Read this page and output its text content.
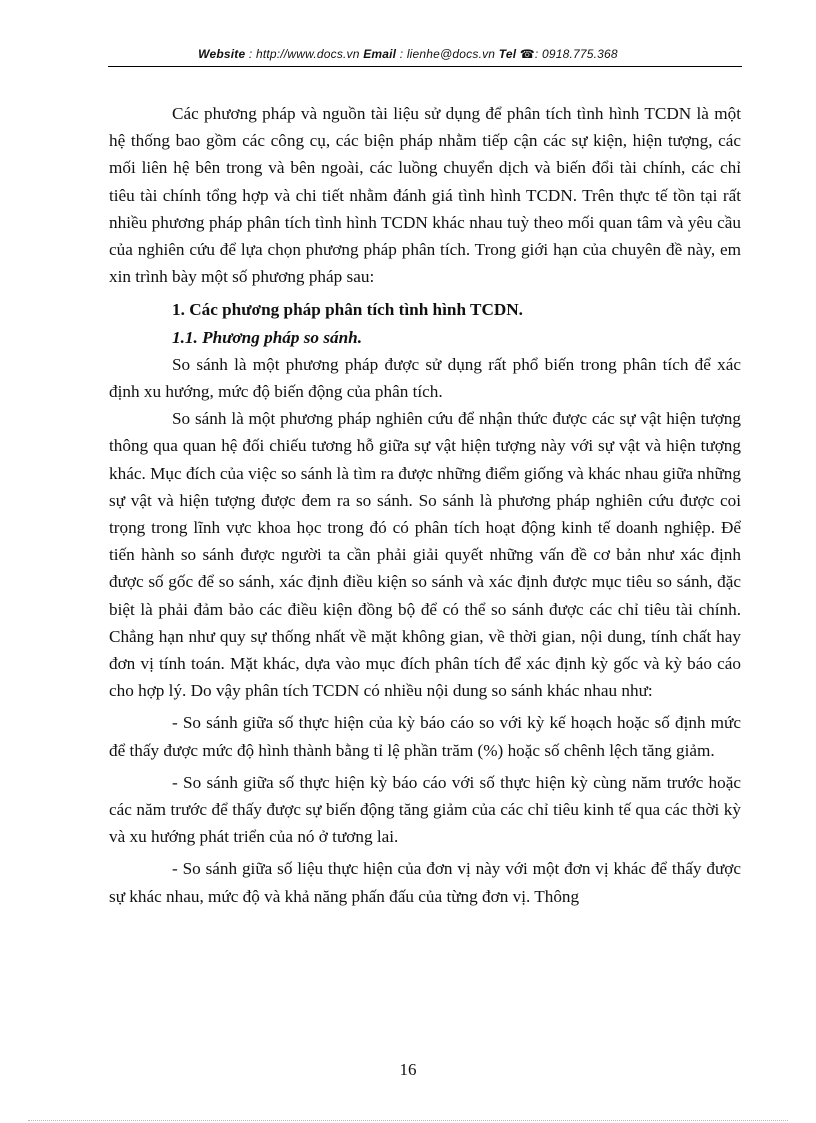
Website : http://www.docs.vn Email : lienhe@docs.vn Tel ☎: 0918.775.368

Các phương pháp và nguồn tài liệu sử dụng để phân tích tình hình TCDN là một hệ thống bao gồm các công cụ, các biện pháp nhằm tiếp cận các sự kiện, hiện tượng, các mối liên hệ bên trong và bên ngoài, các luồng chuyển dịch và biến đổi tài chính, các chỉ tiêu tài chính tổng hợp và chi tiết nhằm đánh giá tình hình TCDN. Trên thực tế tồn tại rất nhiều phương pháp phân tích tình hình TCDN khác nhau tuỳ theo mối quan tâm và yêu cầu của nghiên cứu để lựa chọn phương pháp phân tích. Trong giới hạn của chuyên đề này, em xin trình bày một số phương pháp sau:

1. Các phương pháp phân tích tình hình TCDN.

1.1. Phương pháp so sánh.

So sánh là một phương pháp được sử dụng rất phổ biến trong phân tích để xác định xu hướng, mức độ biến động của phân tích.

So sánh là một phương pháp nghiên cứu để nhận thức được các sự vật hiện tượng thông qua quan hệ đối chiếu tương hỗ giữa sự vật hiện tượng này với sự vật và hiện tượng khác. Mục đích của việc so sánh là tìm ra được những điểm giống và khác nhau giữa những sự vật và hiện tượng được đem ra so sánh. So sánh là phương pháp nghiên cứu được coi trọng trong lĩnh vực khoa học trong đó có phân tích hoạt động kinh tế doanh nghiệp. Để tiến hành so sánh được người ta cần phải giải quyết những vấn đề cơ bản như xác định được số gốc để so sánh, xác định điều kiện so sánh và xác định được mục tiêu so sánh, đặc biệt là phải đảm bảo các điều kiện đồng bộ để có thể so sánh được các chỉ tiêu tài chính. Chẳng hạn như quy sự thống nhất về mặt không gian, về thời gian, nội dung, tính chất hay đơn vị tính toán. Mặt khác, dựa vào mục đích phân tích để xác định kỳ gốc và kỳ báo cáo cho hợp lý. Do vậy phân tích TCDN có nhiều nội dung so sánh khác nhau như:

- So sánh giữa số thực hiện của kỳ báo cáo so với kỳ kế hoạch hoặc số định mức để thấy được mức độ hình thành bằng tỉ lệ phần trăm (%) hoặc số chênh lệch tăng giảm.

- So sánh giữa số thực hiện kỳ báo cáo với số thực hiện kỳ cùng năm trước hoặc các năm trước để thấy được sự biến động tăng giảm của các chỉ tiêu kinh tế qua các thời kỳ và xu hướng phát triển của nó ở tương lai.

- So sánh giữa số liệu thực hiện của đơn vị này với một đơn vị khác để thấy được sự khác nhau, mức độ và khả năng phấn đấu của từng đơn vị. Thông

16
